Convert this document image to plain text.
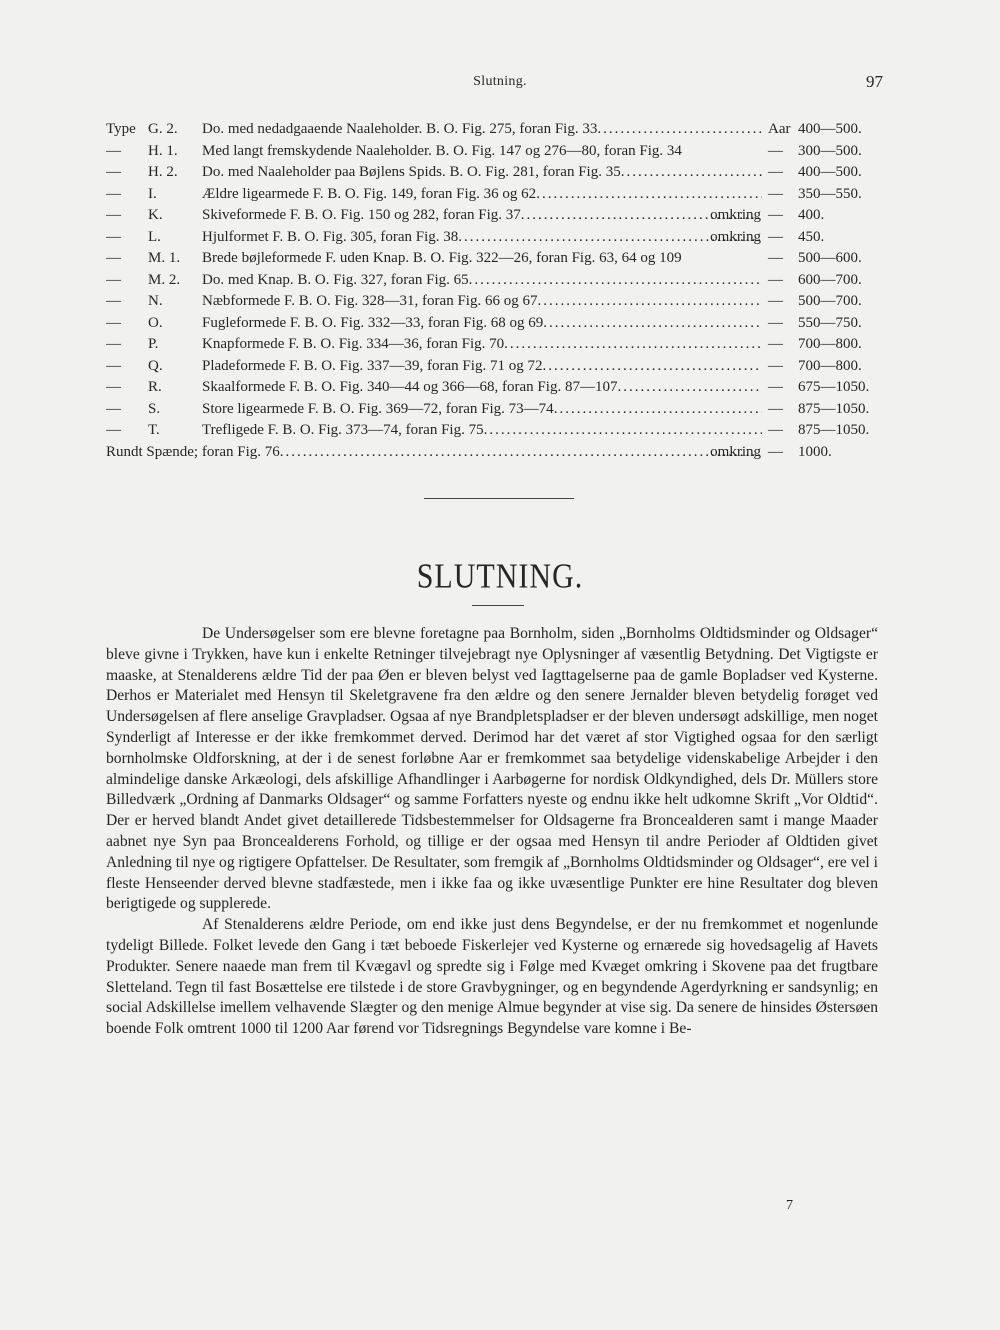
Slutning.	97
Type G. 2.	Do. med nedadgaaende Naaleholder. B. O. Fig. 275, foran Fig. 33 .....	Aar 400—500.
—	H. 1.	Med langt fremskydende Naaleholder. B. O. Fig. 147 og 276—80, foran Fig. 34	—	300—500.
—	H. 2.	Do. med Naaleholder paa Bøjlens Spids. B. O. Fig. 281, foran Fig. 35 .....	—	400—500.
—	I.	Ældre ligearmede F. B. O. Fig. 149, foran Fig. 36 og 62 .....	—	350—550.
—	K.	Skiveformede F. B. O. Fig. 150 og 282, foran Fig. 37 .....	omkring —	400.
—	L.	Hjulformet F. B. O. Fig. 305, foran Fig. 38 .....	omkring —	450.
—	M. 1.	Brede bøjleformede F. uden Knap. B. O. Fig. 322—26, foran Fig. 63, 64 og 109	—	500—600.
—	M. 2.	Do. med Knap. B. O. Fig. 327, foran Fig. 65 .....	—	600—700.
—	N.	Næbformede F. B. O. Fig. 328—31, foran Fig. 66 og 67 .....	—	500—700.
—	O.	Fugleformede F. B. O. Fig. 332—33, foran Fig. 68 og 69 .....	—	550—750.
—	P.	Knapformede F. B. O. Fig. 334—36, foran Fig. 70 .....	—	700—800.
—	Q.	Pladeformede F. B. O. Fig. 337—39, foran Fig. 71 og 72 .....	—	700—800.
—	R.	Skaalformede F. B. O. Fig. 340—44 og 366—68, foran Fig. 87—107 .....	—	675—1050.
—	S.	Store ligearmede F. B. O. Fig. 369—72, foran Fig. 73—74 .....	—	875—1050.
—	T.	Trefligede F. B. O. Fig. 373—74, foran Fig. 75 .....	—	875—1050.
Rundt Spænde; foran Fig. 76 .....	omkring —	1000.
SLUTNING.

De Undersøgelser som ere blevne foretagne paa Bornholm, siden „Bornholms Oldtidsminder og Oldsager“ bleve givne i Trykken, have kun i enkelte Retninger tilvejebragt nye Oplysninger af væsentlig Betydning. Det Vigtigste er maaske, at Stenalderens ældre Tid der paa Øen er bleven belyst ved Iagttagelserne paa de gamle Bopladser ved Kysterne. Derhos er Materialet med Hensyn til Skeletgravene fra den ældre og den senere Jernalder bleven betydelig forøget ved Undersøgelsen af flere anselige Gravpladser. Ogsaa af nye Brandpletspladser er der bleven undersøgt adskillige, men noget Synderligt af Interesse er der ikke fremkommet derved. Derimod har det været af stor Vigtighed ogsaa for den særligt bornholmske Oldforskning, at der i de senest forløbne Aar er fremkommet saa betydelige videnskabelige Arbejder i den almindelige danske Arkæologi, dels afskillige Afhandlinger i Aarbøgerne for nordisk Oldkyndighed, dels Dr. Müllers store Billedværk „Ordning af Danmarks Oldsager“ og samme Forfatters nyeste og endnu ikke helt udkomne Skrift „Vor Oldtid“. Der er herved blandt Andet givet detaillerede Tidsbestemmelser for Oldsagerne fra Broncealderen samt i mange Maader aabnet nye Syn paa Broncealderens Forhold, og tillige er der ogsaa med Hensyn til andre Perioder af Oldtiden givet Anledning til nye og rigtigere Opfattelser. De Resultater, som fremgik af „Bornholms Oldtidsminder og Oldsager“, ere vel i fleste Henseender derved blevne stadfæstede, men i ikke faa og ikke uvæsentlige Punkter ere hine Resultater dog bleven berigtigede og supplerede.

Af Stenalderens ældre Periode, om end ikke just dens Begyndelse, er der nu fremkommet et nogenlunde tydeligt Billede. Folket levede den Gang i tæt beboede Fiskerlejer ved Kysterne og ernærede sig hovedsagelig af Havets Produkter. Senere naaede man frem til Kvægavl og spredte sig i Følge med Kvæget omkring i Skovene paa det frugtbare Sletteland. Tegn til fast Bosættelse ere tilstede i de store Gravbygninger, og en begyndende Agerdyrkning er sandsynlig; en social Adskillelse imellem velhavende Slægter og den menige Almue begynder at vise sig. Da senere de hinsides Østersøen boende Folk omtrent 1000 til 1200 Aar førend vor Tidsregnings Begyndelse vare komne i Be-

7
